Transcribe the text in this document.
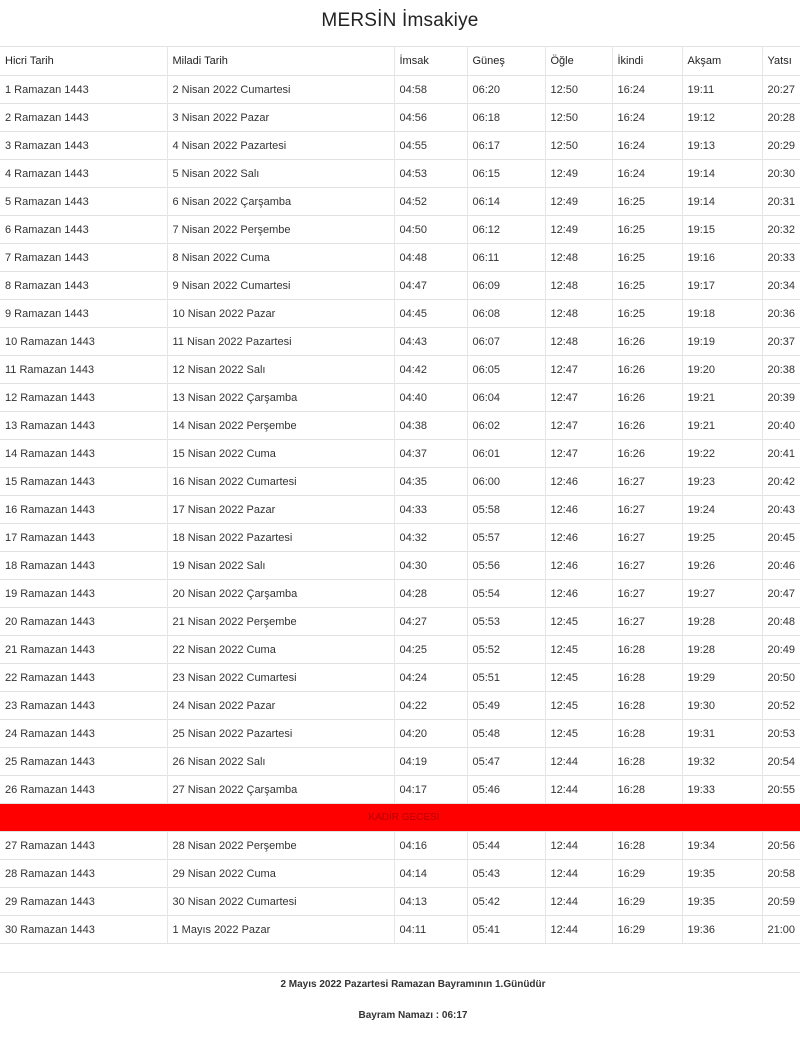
MERSİN İmsakiye
Hicri Tarih	Miladi Tarih	İmsak	Güneş	Öğle	İkindi	Akşam	Yatsı
1 Ramazan 1443	2 Nisan 2022 Cumartesi	04:58	06:20	12:50	16:24	19:11	20:27
2 Ramazan 1443	3 Nisan 2022 Pazar	04:56	06:18	12:50	16:24	19:12	20:28
3 Ramazan 1443	4 Nisan 2022 Pazartesi	04:55	06:17	12:50	16:24	19:13	20:29
4 Ramazan 1443	5 Nisan 2022 Salı	04:53	06:15	12:49	16:24	19:14	20:30
5 Ramazan 1443	6 Nisan 2022 Çarşamba	04:52	06:14	12:49	16:25	19:14	20:31
6 Ramazan 1443	7 Nisan 2022 Perşembe	04:50	06:12	12:49	16:25	19:15	20:32
7 Ramazan 1443	8 Nisan 2022 Cuma	04:48	06:11	12:48	16:25	19:16	20:33
8 Ramazan 1443	9 Nisan 2022 Cumartesi	04:47	06:09	12:48	16:25	19:17	20:34
9 Ramazan 1443	10 Nisan 2022 Pazar	04:45	06:08	12:48	16:25	19:18	20:36
10 Ramazan 1443	11 Nisan 2022 Pazartesi	04:43	06:07	12:48	16:26	19:19	20:37
11 Ramazan 1443	12 Nisan 2022 Salı	04:42	06:05	12:47	16:26	19:20	20:38
12 Ramazan 1443	13 Nisan 2022 Çarşamba	04:40	06:04	12:47	16:26	19:21	20:39
13 Ramazan 1443	14 Nisan 2022 Perşembe	04:38	06:02	12:47	16:26	19:21	20:40
14 Ramazan 1443	15 Nisan 2022 Cuma	04:37	06:01	12:47	16:26	19:22	20:41
15 Ramazan 1443	16 Nisan 2022 Cumartesi	04:35	06:00	12:46	16:27	19:23	20:42
16 Ramazan 1443	17 Nisan 2022 Pazar	04:33	05:58	12:46	16:27	19:24	20:43
17 Ramazan 1443	18 Nisan 2022 Pazartesi	04:32	05:57	12:46	16:27	19:25	20:45
18 Ramazan 1443	19 Nisan 2022 Salı	04:30	05:56	12:46	16:27	19:26	20:46
19 Ramazan 1443	20 Nisan 2022 Çarşamba	04:28	05:54	12:46	16:27	19:27	20:47
20 Ramazan 1443	21 Nisan 2022 Perşembe	04:27	05:53	12:45	16:27	19:28	20:48
21 Ramazan 1443	22 Nisan 2022 Cuma	04:25	05:52	12:45	16:28	19:28	20:49
22 Ramazan 1443	23 Nisan 2022 Cumartesi	04:24	05:51	12:45	16:28	19:29	20:50
23 Ramazan 1443	24 Nisan 2022 Pazar	04:22	05:49	12:45	16:28	19:30	20:52
24 Ramazan 1443	25 Nisan 2022 Pazartesi	04:20	05:48	12:45	16:28	19:31	20:53
25 Ramazan 1443	26 Nisan 2022 Salı	04:19	05:47	12:44	16:28	19:32	20:54
26 Ramazan 1443	27 Nisan 2022 Çarşamba	04:17	05:46	12:44	16:28	19:33	20:55
KADİR GECESİ							
27 Ramazan 1443	28 Nisan 2022 Perşembe	04:16	05:44	12:44	16:28	19:34	20:56
28 Ramazan 1443	29 Nisan 2022 Cuma	04:14	05:43	12:44	16:29	19:35	20:58
29 Ramazan 1443	30 Nisan 2022 Cumartesi	04:13	05:42	12:44	16:29	19:35	20:59
30 Ramazan 1443	1 Mayıs 2022 Pazar	04:11	05:41	12:44	16:29	19:36	21:00
2 Mayıs 2022 Pazartesi Ramazan Bayramının 1.Günüdür
Bayram Namazı : 06:17
